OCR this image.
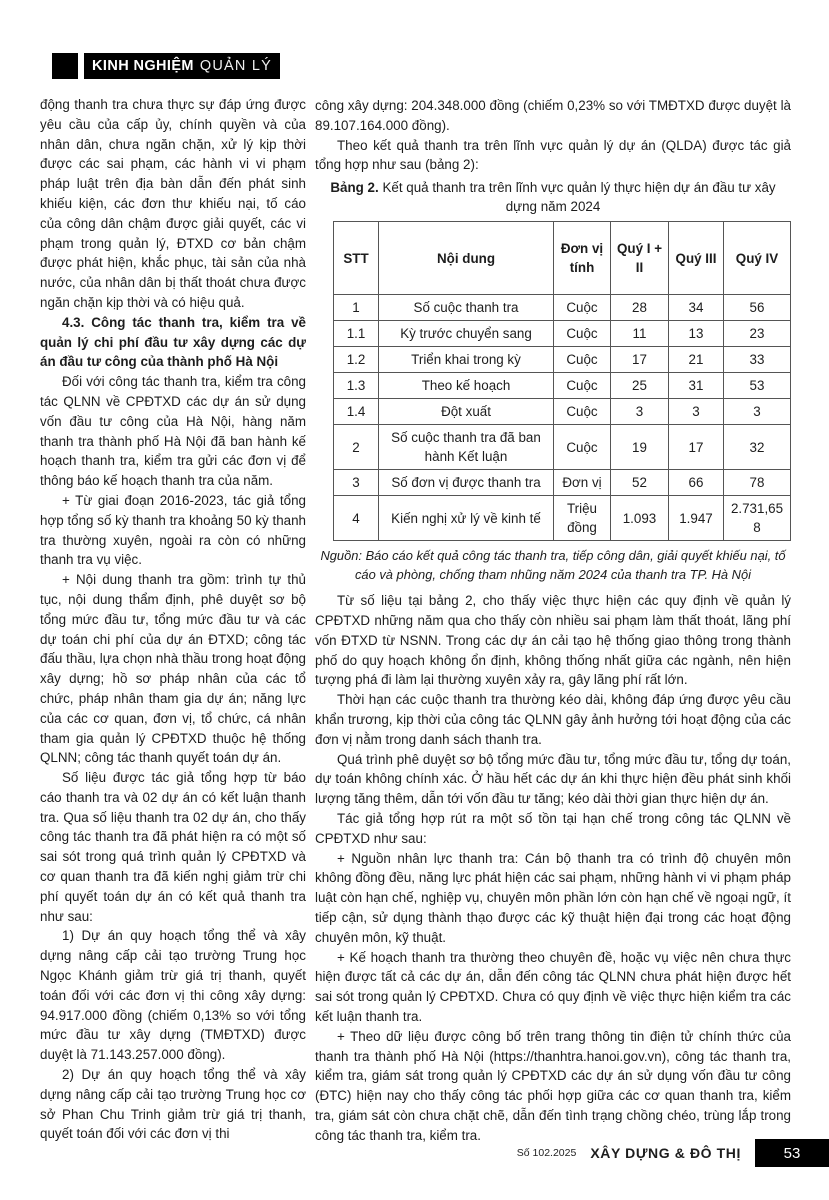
KINH NGHIỆM QUẢN LÝ

động thanh tra chưa thực sự đáp ứng được yêu cầu của cấp ủy, chính quyền và của nhân dân, chưa ngăn chặn, xử lý kịp thời được các sai phạm, các hành vi vi phạm pháp luật trên địa bàn dẫn đến phát sinh khiếu kiện, các đơn thư khiếu nại, tố cáo của công dân chậm được giải quyết, các vi phạm trong quản lý, ĐTXD cơ bản chậm được phát hiện, khắc phục, tài sản của nhà nước, của nhân dân bị thất thoát chưa được ngăn chặn kịp thời và có hiệu quả.

4.3. Công tác thanh tra, kiểm tra về quản lý chi phí đầu tư xây dựng các dự án đầu tư công của thành phố Hà Nội

Đối với công tác thanh tra, kiểm tra công tác QLNN về CPĐTXD các dự án sử dụng vốn đầu tư công của Hà Nội, hàng năm thanh tra thành phố Hà Nội đã ban hành kế hoạch thanh tra, kiểm tra gửi các đơn vị để thông báo kế hoạch thanh tra của năm.

+ Từ giai đoạn 2016-2023, tác giả tổng hợp tổng số kỳ thanh tra khoảng 50 kỳ thanh tra thường xuyên, ngoài ra còn có những thanh tra vụ việc.

+ Nội dung thanh tra gồm: trình tự thủ tục, nội dung thẩm định, phê duyệt sơ bộ tổng mức đầu tư, tổng mức đầu tư và các dự toán chi phí của dự án ĐTXD; công tác đấu thầu, lựa chọn nhà thầu trong hoạt động xây dựng; hồ sơ pháp nhân của các tổ chức, pháp nhân tham gia dự án; năng lực của các cơ quan, đơn vị, tổ chức, cá nhân tham gia quản lý CPĐTXD thuộc hệ thống QLNN; công tác thanh quyết toán dự án.

Số liệu được tác giả tổng hợp từ báo cáo thanh tra và 02 dự án có kết luận thanh tra. Qua số liệu thanh tra 02 dự án, cho thấy công tác thanh tra đã phát hiện ra có một số sai sót trong quá trình quản lý CPĐTXD và cơ quan thanh tra đã kiến nghị giảm trừ chi phí quyết toán dự án có kết quả thanh tra như sau:

1) Dự án quy hoạch tổng thể và xây dựng nâng cấp cải tạo trường Trung học Ngọc Khánh giảm trừ giá trị thanh, quyết toán đối với các đơn vị thi công xây dựng: 94.917.000 đồng (chiếm 0,13% so với tổng mức đầu tư xây dựng (TMĐTXD) được duyệt là 71.143.257.000 đồng).

2) Dự án quy hoạch tổng thể và xây dựng nâng cấp cải tạo trường Trung học cơ sở Phan Chu Trinh giảm trừ giá trị thanh, quyết toán đối với các đơn vị thi

công xây dựng: 204.348.000 đồng (chiếm 0,23% so với TMĐTXD được duyệt là 89.107.164.000 đồng).

Theo kết quả thanh tra trên lĩnh vực quản lý dự án (QLDA) được tác giả tổng hợp như sau (bảng 2):

Bảng 2. Kết quả thanh tra trên lĩnh vực quản lý thực hiện dự án đầu tư xây dựng năm 2024
STT	Nội dung	Đơn vị tính	Quý I + II	Quý III	Quý IV
1	Số cuộc thanh tra	Cuộc	28	34	56
1.1	Kỳ trước chuyển sang	Cuộc	11	13	23
1.2	Triển khai trong kỳ	Cuộc	17	21	33
1.3	Theo kế hoạch	Cuộc	25	31	53
1.4	Đột xuất	Cuộc	3	3	3
2	Số cuộc thanh tra đã ban hành Kết luận	Cuộc	19	17	32
3	Số đơn vị được thanh tra	Đơn vị	52	66	78
4	Kiến nghị xử lý về kinh tế	Triệu đồng	1.093	1.947	2.731,658
Nguồn: Báo cáo kết quả công tác thanh tra, tiếp công dân, giải quyết khiếu nại, tố cáo và phòng, chống tham nhũng năm 2024 của thanh tra TP. Hà Nội

Từ số liệu tại bảng 2, cho thấy việc thực hiện các quy định về quản lý CPĐTXD những năm qua cho thấy còn nhiều sai phạm làm thất thoát, lãng phí vốn ĐTXD từ NSNN. Trong các dự án cải tạo hệ thống giao thông trong thành phố do quy hoạch không ổn định, không thống nhất giữa các ngành, nên hiện tượng phá đi làm lại thường xuyên xảy ra, gây lãng phí rất lớn.

Thời hạn các cuộc thanh tra thường kéo dài, không đáp ứng được yêu cầu khẩn trương, kịp thời của công tác QLNN gây ảnh hưởng tới hoạt động của các đơn vị nằm trong danh sách thanh tra.

Quá trình phê duyệt sơ bộ tổng mức đầu tư, tổng mức đầu tư, tổng dự toán, dự toán không chính xác. Ở hầu hết các dự án khi thực hiện đều phát sinh khối lượng tăng thêm, dẫn tới vốn đầu tư tăng; kéo dài thời gian thực hiện dự án.

Tác giả tổng hợp rút ra một số tồn tại hạn chế trong công tác QLNN về CPĐTXD như sau:

+ Nguồn nhân lực thanh tra: Cán bộ thanh tra có trình độ chuyên môn không đồng đều, năng lực phát hiện các sai phạm, những hành vi vi phạm pháp luật còn hạn chế, nghiệp vụ, chuyên môn phần lớn còn hạn chế về ngoại ngữ, ít tiếp cận, sử dụng thành thạo được các kỹ thuật hiện đại trong các hoạt động chuyên môn, kỹ thuật.

+ Kế hoạch thanh tra thường theo chuyên đề, hoặc vụ việc nên chưa thực hiện được tất cả các dự án, dẫn đến công tác QLNN chưa phát hiện được hết sai sót trong quản lý CPĐTXD. Chưa có quy định về việc thực hiện kiểm tra các kết luận thanh tra.

+ Theo dữ liệu được công bố trên trang thông tin điện tử chính thức của thanh tra thành phố Hà Nội (https://thanhtra.hanoi.gov.vn), công tác thanh tra, kiểm tra, giám sát trong quản lý CPĐTXD các dự án sử dụng vốn đầu tư công (ĐTC) hiện nay cho thấy công tác phối hợp giữa các cơ quan thanh tra, kiểm tra, giám sát còn chưa chặt chẽ, dẫn đến tình trạng chồng chéo, trùng lắp trong công tác thanh tra, kiểm tra.

Số 102.2025 XÂY DỰNG & ĐÔ THỊ	53
